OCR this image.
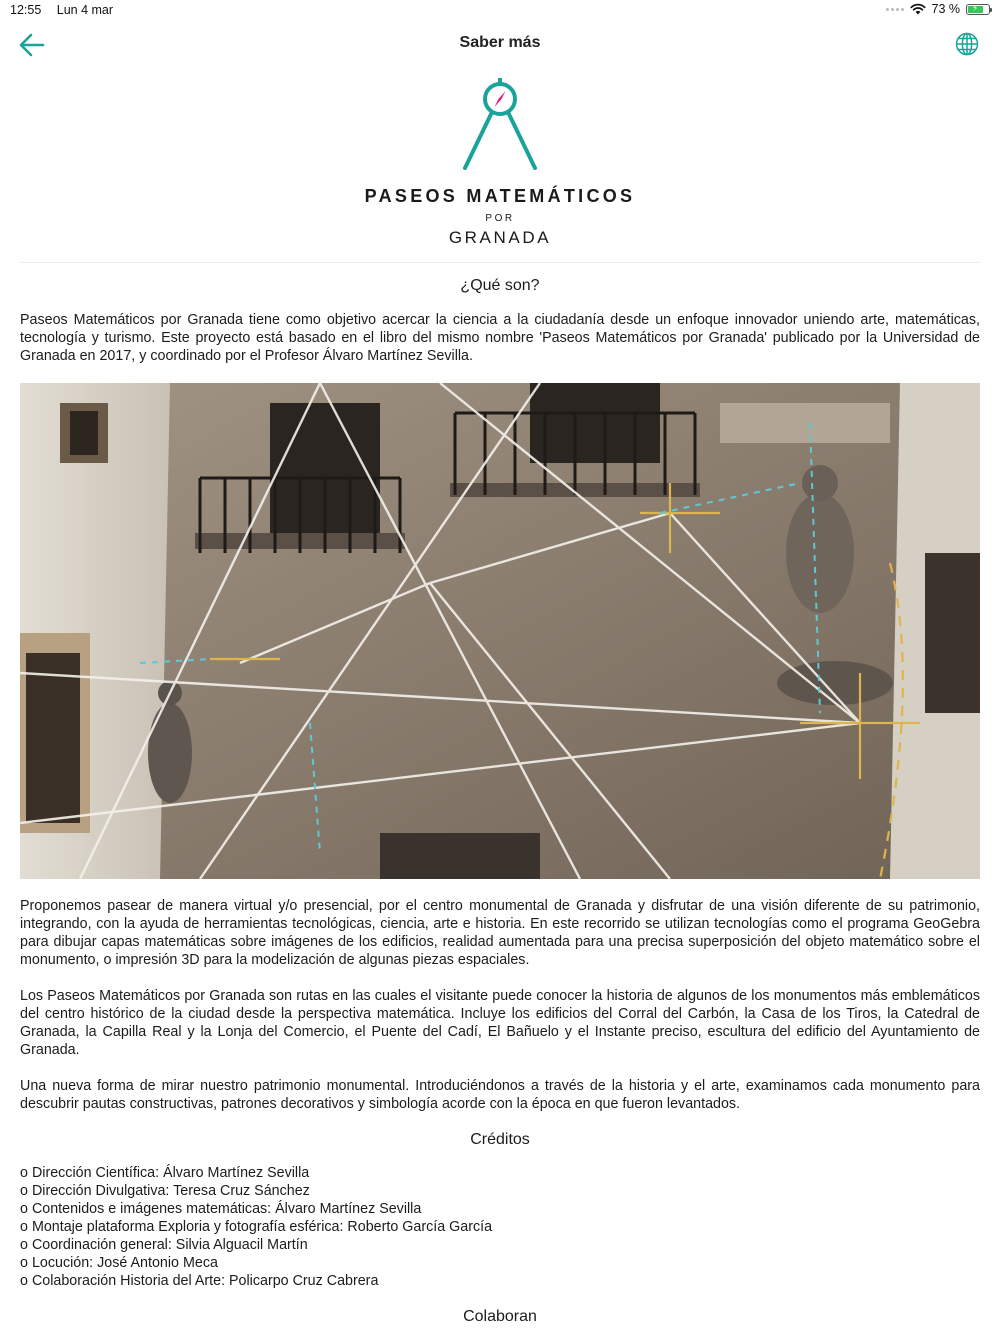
12:55 Lun 4 mar	73 %
⚡
Saber más
PASEOS MATEMÁTICOS
POR
GRANADA
¿Qué son?

Paseos Matemáticos por Granada tiene como objetivo acercar la ciencia a la ciudadanía desde un enfoque innovador uniendo arte, matemáticas, tecnología y turismo. Este proyecto está basado en el libro del mismo nombre 'Paseos Matemáticos por Granada' publicado por la Universidad de Granada en 2017, y coordinado por el Profesor Álvaro Martínez Sevilla.

Proponemos pasear de manera virtual y/o presencial, por el centro monumental de Granada y disfrutar de una visión diferente de su patrimonio, integrando, con la ayuda de herramientas tecnológicas, ciencia, arte e historia. En este recorrido se utilizan tecnologías como el programa GeoGebra para dibujar capas matemáticas sobre imágenes de los edificios, realidad aumentada para una precisa superposición del objeto matemático sobre el monumento, o impresión 3D para la modelización de algunas piezas espaciales.

Los Paseos Matemáticos por Granada son rutas en las cuales el visitante puede conocer la historia de algunos de los monumentos más emblemáticos del centro histórico de la ciudad desde la perspectiva matemática. Incluye los edificios del Corral del Carbón, la Casa de los Tiros, la Catedral de Granada, la Capilla Real y la Lonja del Comercio, el Puente del Cadí, El Bañuelo y el Instante preciso, escultura del edificio del Ayuntamiento de Granada.

Una nueva forma de mirar nuestro patrimonio monumental. Introduciéndonos a través de la historia y el arte, examinamos cada monumento para descubrir pautas constructivas, patrones decorativos y simbología acorde con la época en que fueron levantados.

Créditos
o Dirección Científica: Álvaro Martínez Sevilla
o Dirección Divulgativa: Teresa Cruz Sánchez
o Contenidos e imágenes matemáticas: Álvaro Martínez Sevilla
o Montaje plataforma Exploria y fotografía esférica: Roberto García García
o Coordinación general: Silvia Alguacil Martín
o Locución: José Antonio Meca
o Colaboración Historia del Arte: Policarpo Cruz Cabrera
Colaboran
